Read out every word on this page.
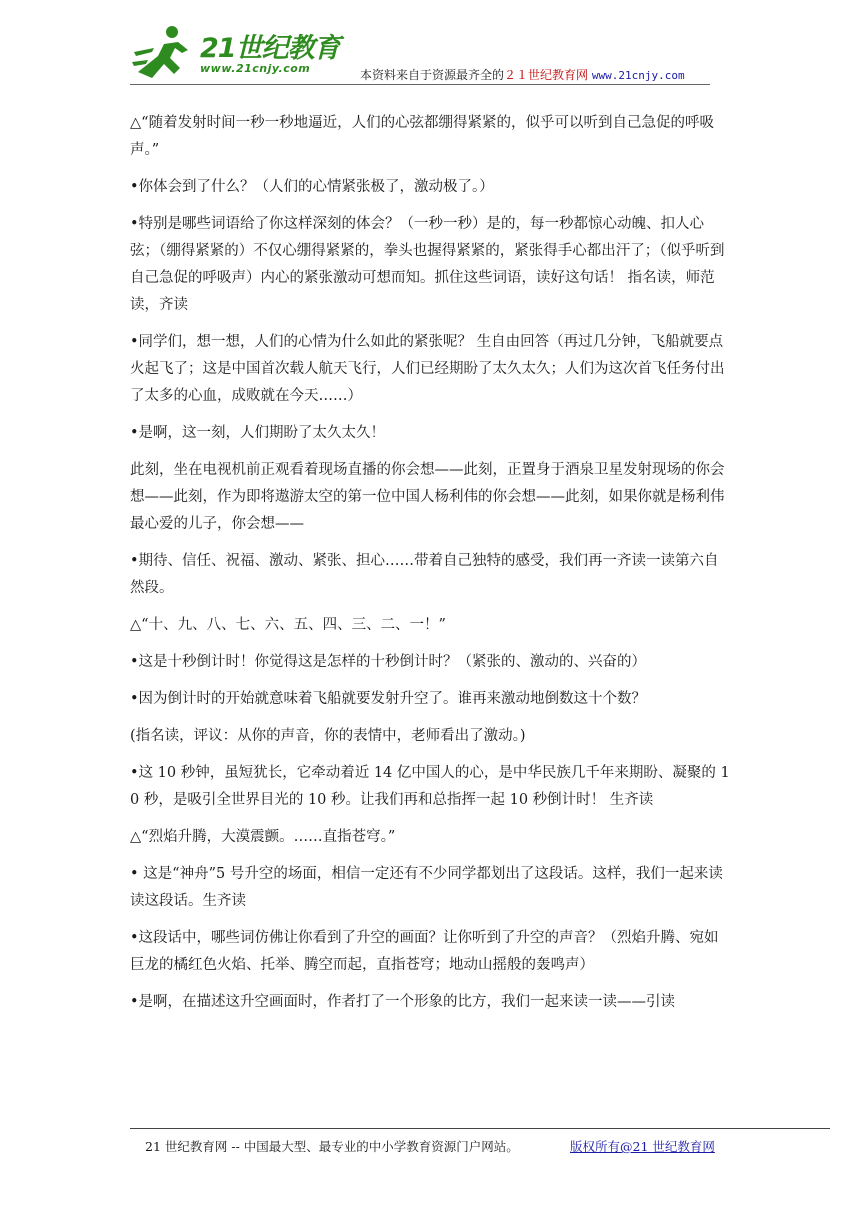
21世纪教育
www.21cnjy.com	本资料来自于资源最齐全的２１世纪教育网 www.21cnjy.com

△“随着发射时间一秒一秒地逼近，人们的心弦都绷得紧紧的，似乎可以听到自己急促的呼吸声。”

•你体会到了什么？（人们的心情紧张极了，激动极了。）

•特别是哪些词语给了你这样深刻的体会？（一秒一秒）是的，每一秒都惊心动魄、扣人心弦；（绷得紧紧的）不仅心绷得紧紧的，拳头也握得紧紧的，紧张得手心都出汗了；（似乎听到自己急促的呼吸声）内心的紧张激动可想而知。抓住这些词语，读好这句话！ 指名读，师范读，齐读

•同学们，想一想，人们的心情为什么如此的紧张呢？ 生自由回答（再过几分钟，飞船就要点火起飞了；这是中国首次载人航天飞行，人们已经期盼了太久太久；人们为这次首飞任务付出了太多的心血，成败就在今天……）

•是啊，这一刻，人们期盼了太久太久！

此刻，坐在电视机前正观看着现场直播的你会想——此刻，正置身于酒泉卫星发射现场的你会想——此刻，作为即将遨游太空的第一位中国人杨利伟的你会想——此刻，如果你就是杨利伟最心爱的儿子，你会想——

•期待、信任、祝福、激动、紧张、担心……带着自己独特的感受，我们再一齐读一读第六自然段。

△“十、九、八、七、六、五、四、三、二、一！”

•这是十秒倒计时！你觉得这是怎样的十秒倒计时？（紧张的、激动的、兴奋的）

•因为倒计时的开始就意味着飞船就要发射升空了。谁再来激动地倒数这十个数？

(指名读，评议：从你的声音，你的表情中，老师看出了激动。)

•这 10 秒钟，虽短犹长，它牵动着近 14 亿中国人的心，是中华民族几千年来期盼、凝聚的 10 秒，是吸引全世界目光的 10 秒。让我们再和总指挥一起 10 秒倒计时！ 生齐读

△“烈焰升腾，大漠震颤。……直指苍穹。”

• 这是“神舟”5 号升空的场面，相信一定还有不少同学都划出了这段话。这样，我们一起来读读这段话。生齐读

•这段话中，哪些词仿佛让你看到了升空的画面？让你听到了升空的声音？（烈焰升腾、宛如巨龙的橘红色火焰、托举、腾空而起，直指苍穹；地动山摇般的轰鸣声）

•是啊，在描述这升空画面时，作者打了一个形象的比方，我们一起来读一读——引读

21 世纪教育网 -- 中国最大型、最专业的中小学教育资源门户网站。	版权所有@21 世纪教育网
